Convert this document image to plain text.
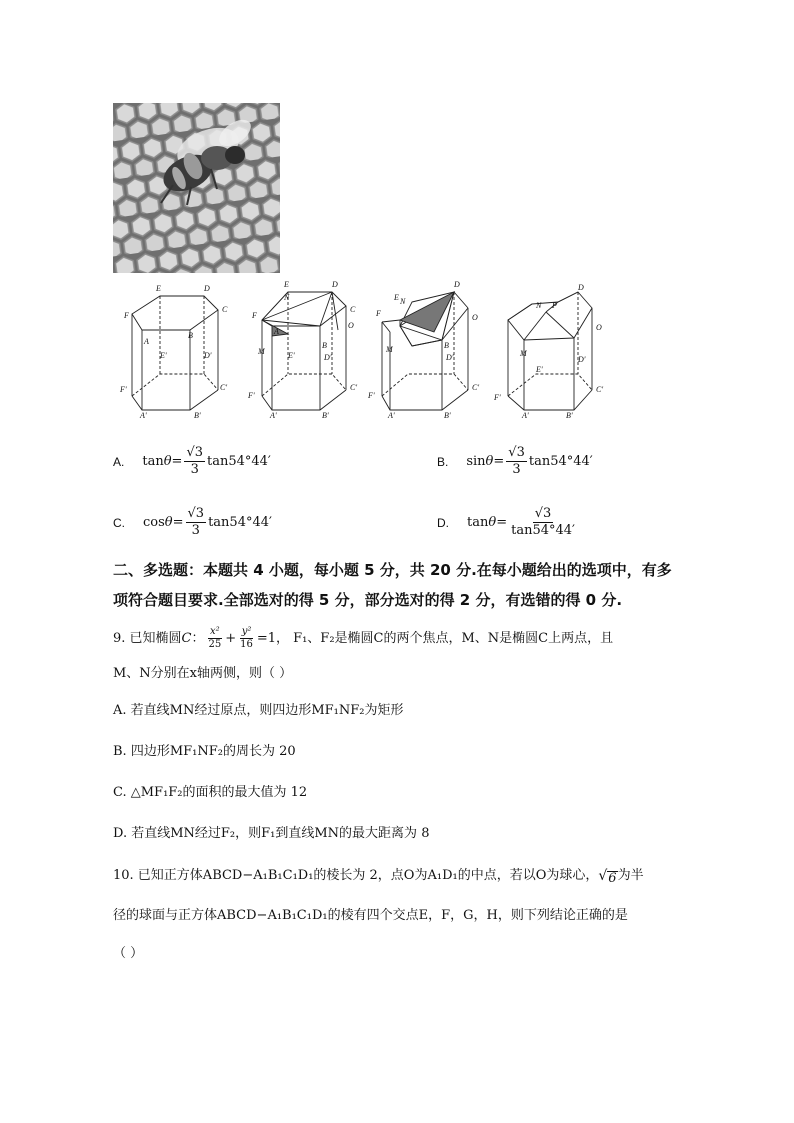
E	D
F
C
A
B
E'	D'
F'	C'
A'	B'
E	D
F
N
C
O
A
M
B
D'
E'
F'
C'
A'	B'
E
D
N
O
F
M	B
D'
F'
C'
A'	B'
D
N P
O
M
D'
E'
F'
C'
A'	B'
A. $\tan \theta = \frac{√3}{3} \tan 54^\circ 44'$	B. $\sin \theta = \frac{√3}{3} \tan 54^\circ 44'$
C. $\cos \theta = \frac{√3}{3} \tan 54^\circ 44'$	D. $\tan \theta = \frac{√3}{\tan 54^\circ 44'}$
二、多选题：本题共 4 小题，每小题 5 分，共 20 分.在每小题给出的选项中，有多
项符合题目要求.全部选对的得 5 分，部分选对的得 2 分，有选错的得 0 分.
9. 已知椭圆 C ： $\frac{\text{x²}}{25} + \frac{\text{y²}}{16} =1$， F₁、F₂是椭圆C的两个焦点，M、N是椭圆C上两点，且
M、N分别在x轴两侧，则（ ）
A. 若直线MN经过原点，则四边形MF₁NF₂为矩形
B. 四边形MF₁NF₂的周长为 20
C. △MF₁F₂的面积的最大值为 12
D. 若直线MN经过F₂，则F₁到直线MN的最大距离为 8
10. 已知正方体ABCD−A₁B₁C₁D₁的棱长为 2，点O为A₁D₁的中点，若以O为球心， √ 6 为半
径的球面与正方体ABCD−A₁B₁C₁D₁的棱有四个交点E，F，G，H，则下列结论正确的是
（ ）
